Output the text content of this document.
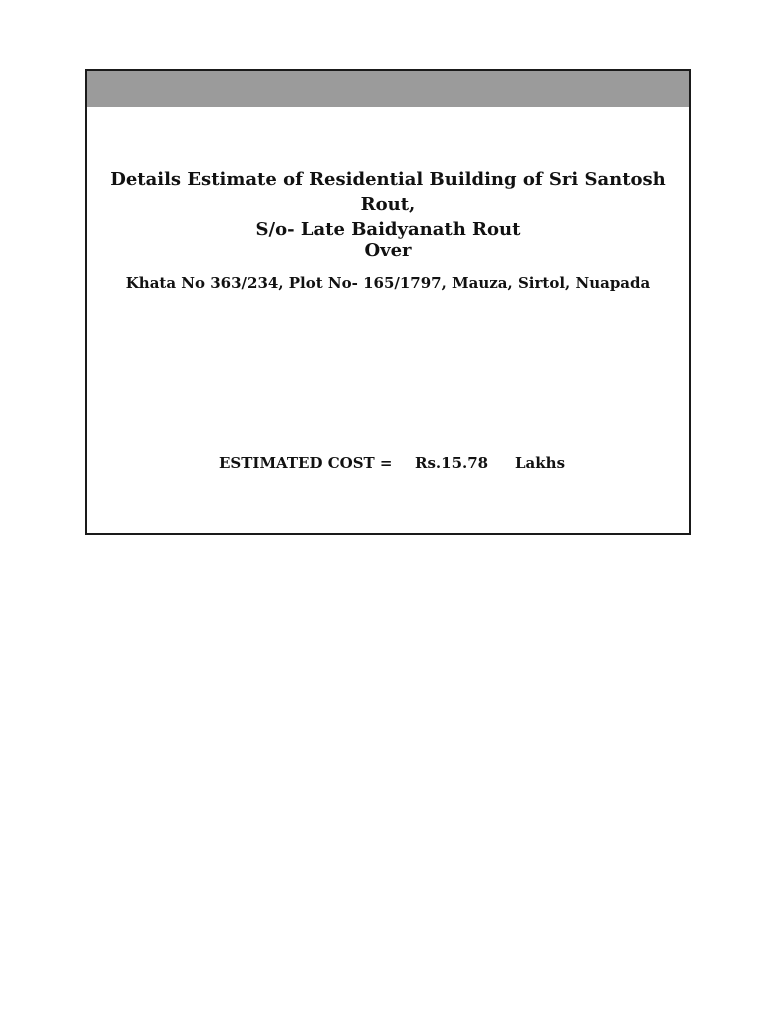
Details Estimate of Residential Building of Sri Santosh Rout,
S/o- Late Baidyanath Rout
Over
Khata No 363/234, Plot No- 165/1797, Mauza, Sirtol, Nuapada
ESTIMATED COST = Rs.15.78 Lakhs
